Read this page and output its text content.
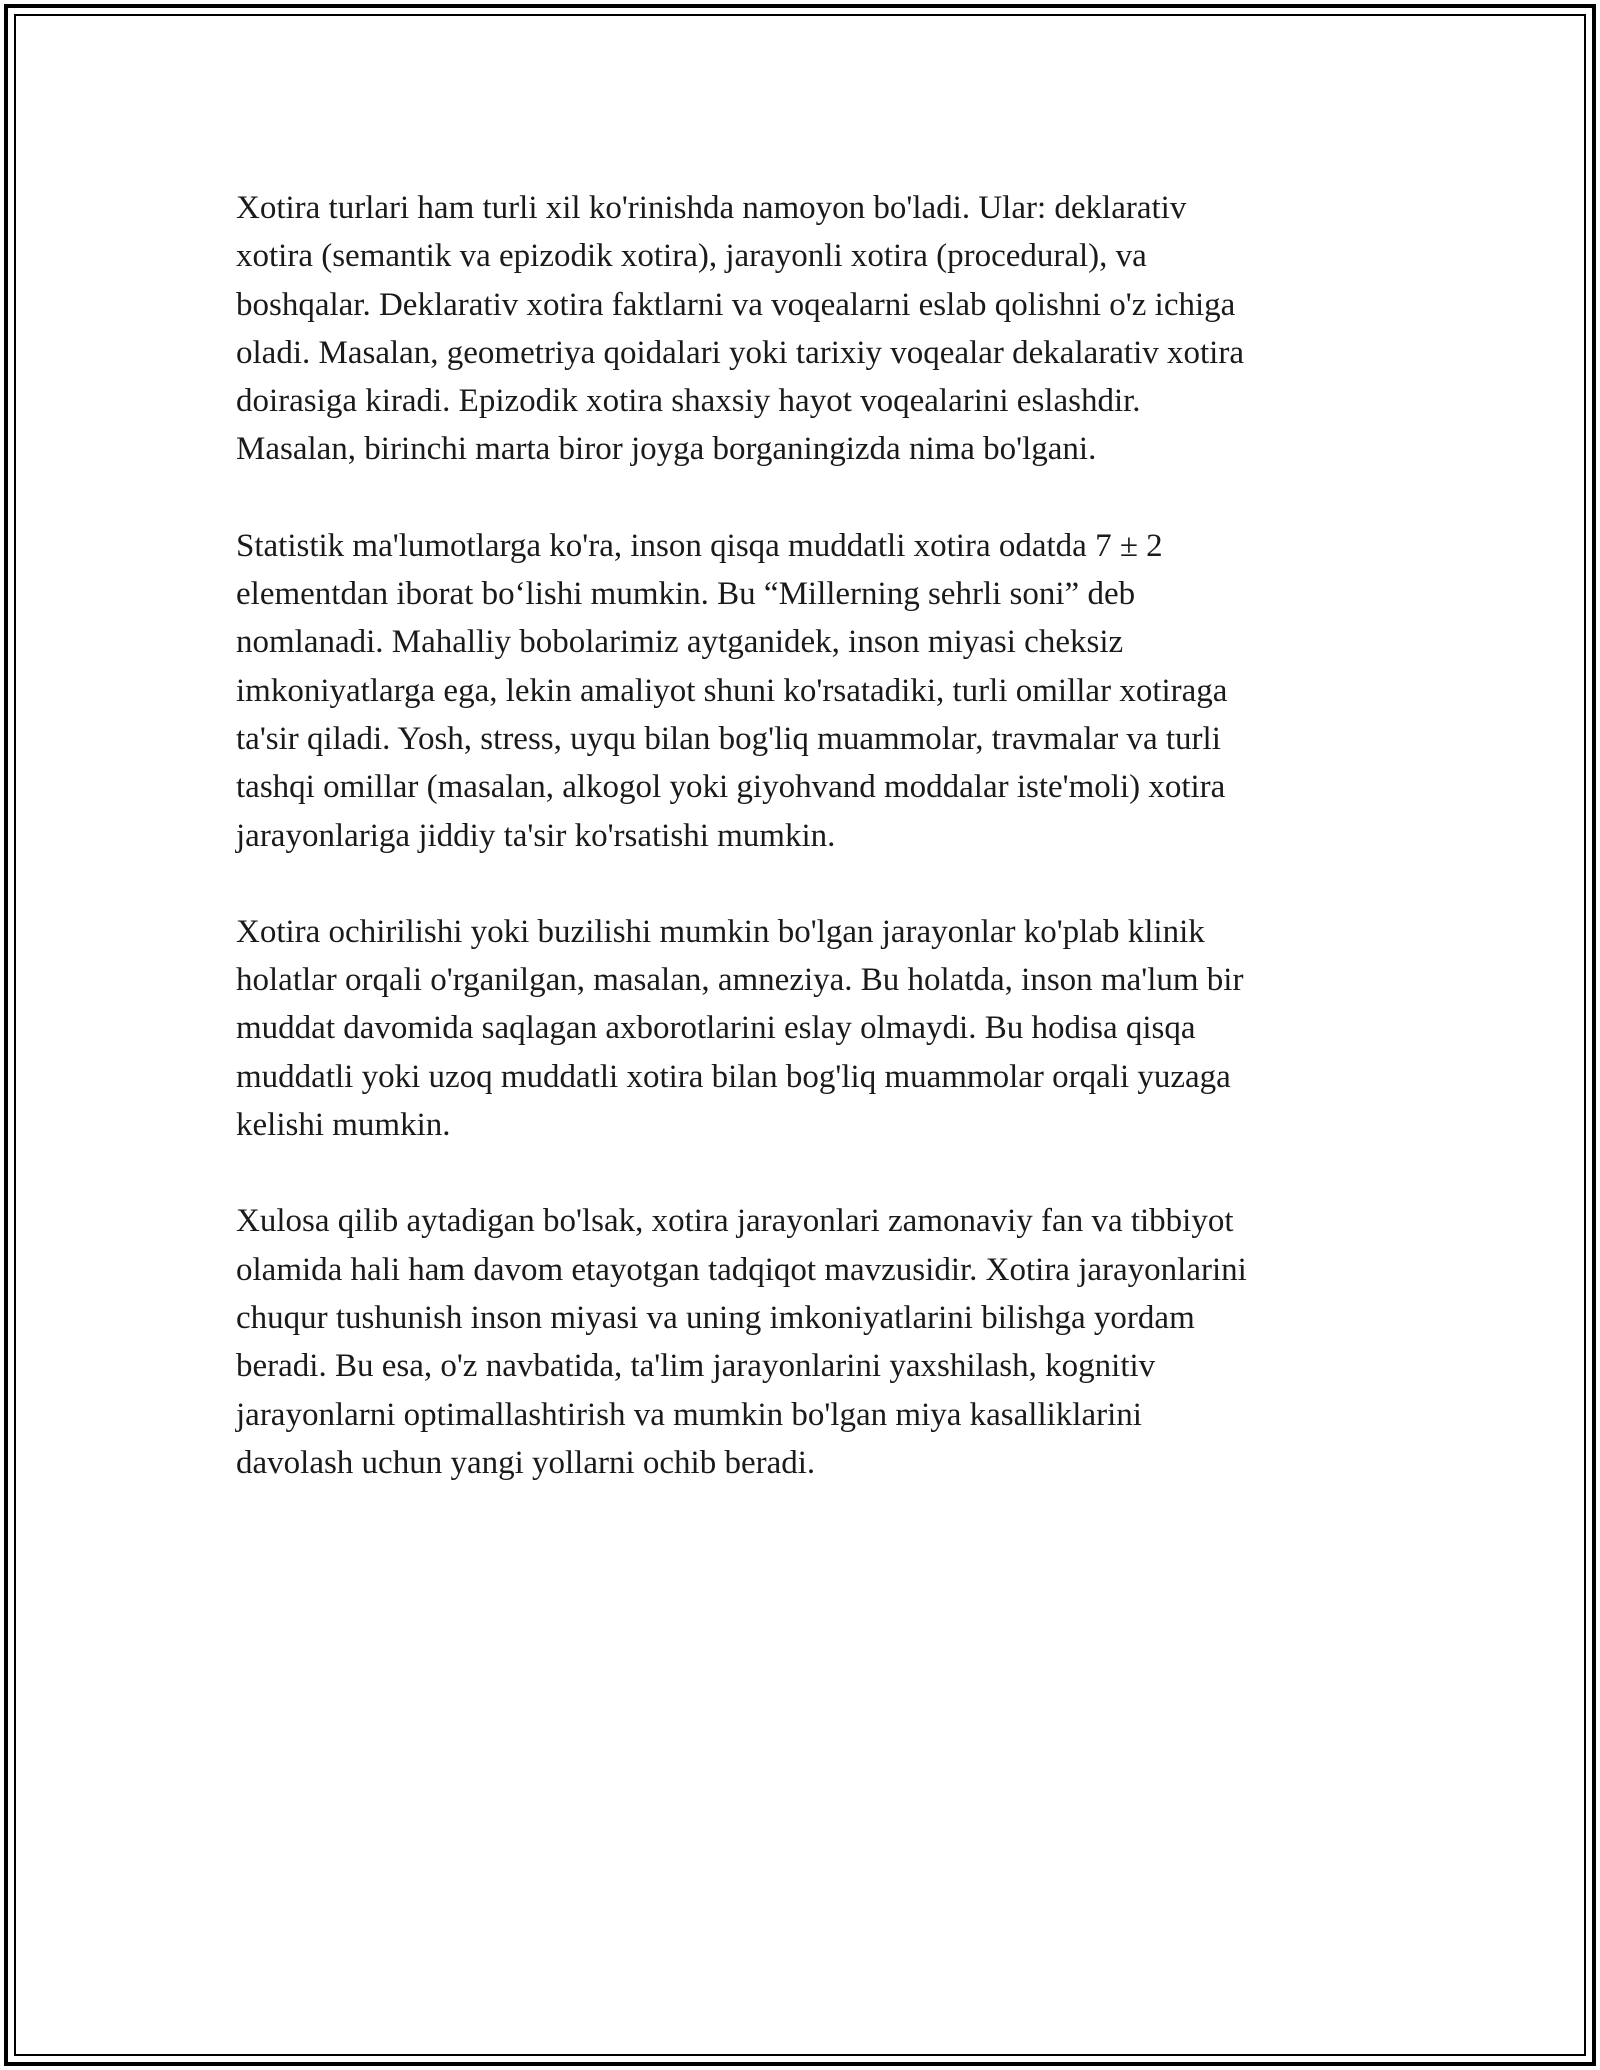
Xotira turlari ham turli xil ko'rinishda namoyon bo'ladi. Ular: deklarativ
xotira (semantik va epizodik xotira), jarayonli xotira (procedural), va
boshqalar. Deklarativ xotira faktlarni va voqealarni eslab qolishni o'z ichiga
oladi. Masalan, geometriya qoidalari yoki tarixiy voqealar dekalarativ xotira
doirasiga kiradi. Epizodik xotira shaxsiy hayot voqealarini eslashdir.
Masalan, birinchi marta biror joyga borganingizda nima bo'lgani.

Statistik ma'lumotlarga ko'ra, inson qisqa muddatli xotira odatda 7 ± 2
elementdan iborat bo‘lishi mumkin. Bu “Millerning sehrli soni” deb
nomlanadi. Mahalliy bobolarimiz aytganidek, inson miyasi cheksiz
imkoniyatlarga ega, lekin amaliyot shuni ko'rsatadiki, turli omillar xotiraga
ta'sir qiladi. Yosh, stress, uyqu bilan bog'liq muammolar, travmalar va turli
tashqi omillar (masalan, alkogol yoki giyohvand moddalar iste'moli) xotira
jarayonlariga jiddiy ta'sir ko'rsatishi mumkin.

Xotira ochirilishi yoki buzilishi mumkin bo'lgan jarayonlar ko'plab klinik
holatlar orqali o'rganilgan, masalan, amneziya. Bu holatda, inson ma'lum bir
muddat davomida saqlagan axborotlarini eslay olmaydi. Bu hodisa qisqa
muddatli yoki uzoq muddatli xotira bilan bog'liq muammolar orqali yuzaga
kelishi mumkin.

Xulosa qilib aytadigan bo'lsak, xotira jarayonlari zamonaviy fan va tibbiyot
olamida hali ham davom etayotgan tadqiqot mavzusidir. Xotira jarayonlarini
chuqur tushunish inson miyasi va uning imkoniyatlarini bilishga yordam
beradi. Bu esa, o'z navbatida, ta'lim jarayonlarini yaxshilash, kognitiv
jarayonlarni optimallashtirish va mumkin bo'lgan miya kasalliklarini
davolash uchun yangi yollarni ochib beradi.
